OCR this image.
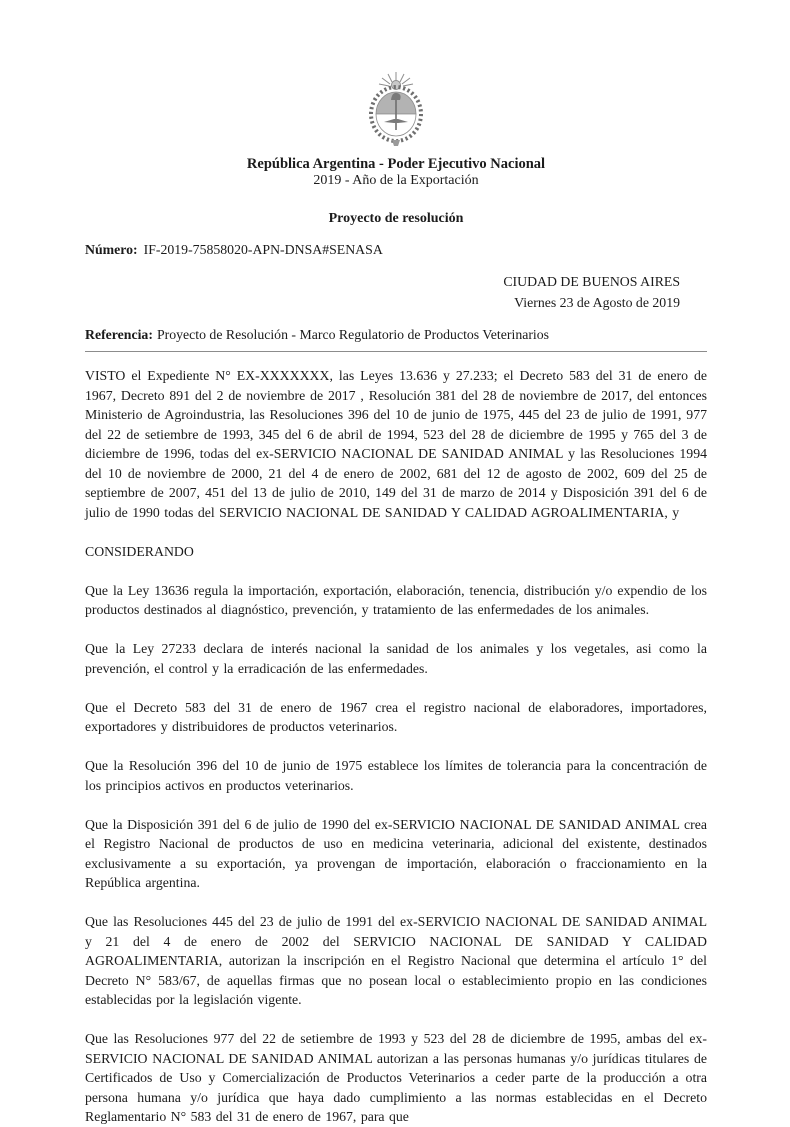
República Argentina - Poder Ejecutivo Nacional
2019 - Año de la Exportación
Proyecto de resolución
Número: IF-2019-75858020-APN-DNSA#SENASA
CIUDAD DE BUENOS AIRES
Viernes 23 de Agosto de 2019
Referencia: Proyecto de Resolución - Marco Regulatorio de Productos Veterinarios

VISTO el Expediente N° EX-XXXXXXX, las Leyes 13.636 y 27.233; el Decreto 583 del 31 de enero de 1967, Decreto 891 del 2 de noviembre de 2017 , Resolución 381 del 28 de noviembre de 2017, del entonces Ministerio de Agroindustria, las Resoluciones 396 del 10 de junio de 1975, 445 del 23 de julio de 1991, 977 del 22 de setiembre de 1993, 345 del 6 de abril de 1994, 523 del 28 de diciembre de 1995 y 765 del 3 de diciembre de 1996, todas del ex-SERVICIO NACIONAL DE SANIDAD ANIMAL y las Resoluciones 1994 del 10 de noviembre de 2000, 21 del 4 de enero de 2002, 681 del 12 de agosto de 2002, 609 del 25 de septiembre de 2007, 451 del 13 de julio de 2010, 149 del 31 de marzo de 2014 y Disposición 391 del 6 de julio de 1990 todas del SERVICIO NACIONAL DE SANIDAD Y CALIDAD AGROALIMENTARIA, y

CONSIDERANDO

Que la Ley 13636 regula la importación, exportación, elaboración, tenencia, distribución y/o expendio de los productos destinados al diagnóstico, prevención, y tratamiento de las enfermedades de los animales.

Que la Ley 27233 declara de interés nacional la sanidad de los animales y los vegetales, asi como la prevención, el control y la erradicación de las enfermedades.

Que el Decreto 583 del 31 de enero de 1967 crea el registro nacional de elaboradores, importadores, exportadores y distribuidores de productos veterinarios.

Que la Resolución 396 del 10 de junio de 1975 establece los límites de tolerancia para la concentración de los principios activos en productos veterinarios.

Que la Disposición 391 del 6 de julio de 1990 del ex-SERVICIO NACIONAL DE SANIDAD ANIMAL crea el Registro Nacional de productos de uso en medicina veterinaria, adicional del existente, destinados exclusivamente a su exportación, ya provengan de importación, elaboración o fraccionamiento en la República argentina.

Que las Resoluciones 445 del 23 de julio de 1991 del ex-SERVICIO NACIONAL DE SANIDAD ANIMAL y 21 del 4 de enero de 2002 del SERVICIO NACIONAL DE SANIDAD Y CALIDAD AGROALIMENTARIA, autorizan la inscripción en el Registro Nacional que determina el artículo 1° del Decreto N° 583/67, de aquellas firmas que no posean local o establecimiento propio en las condiciones establecidas por la legislación vigente.

Que las Resoluciones 977 del 22 de setiembre de 1993 y 523 del 28 de diciembre de 1995, ambas del ex-SERVICIO NACIONAL DE SANIDAD ANIMAL autorizan a las personas humanas y/o jurídicas titulares de Certificados de Uso y Comercialización de Productos Veterinarios a ceder parte de la producción a otra persona humana y/o jurídica que haya dado cumplimiento a las normas establecidas en el Decreto Reglamentario N° 583 del 31 de enero de 1967, para que
